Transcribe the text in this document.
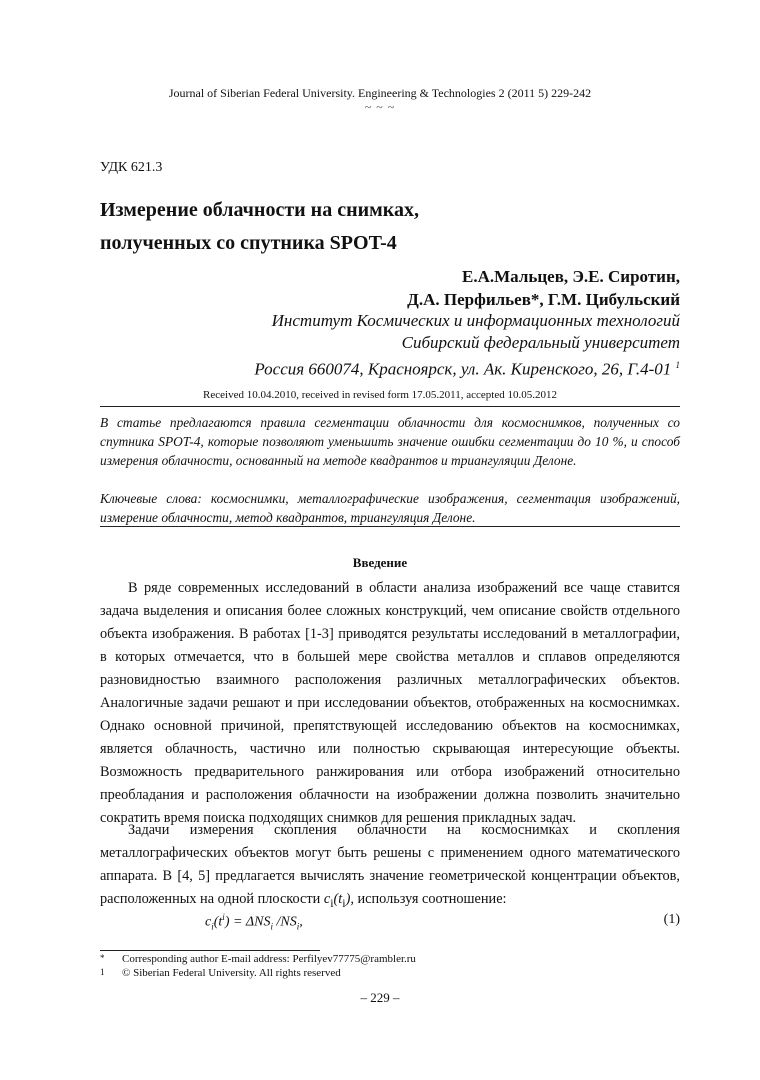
Journal of Siberian Federal University. Engineering & Technologies 2 (2011 5) 229-242
~ ~ ~
УДК 621.3
Измерение облачности на снимках,
полученных со спутника SPOT-4
Е.А.Мальцев, Э.Е. Сиротин,
Д.А. Перфильев*, Г.М. Цибульский
Институт Космических и информационных технологий
Сибирский федеральный университет
Россия 660074, Красноярск, ул. Ак. Киренского, 26, Г.4-01 $^1$
Received 10.04.2010, received in revised form 17.05.2011, accepted 10.05.2012
В статье предлагаются правила сегментации облачности для космоснимков, полученных со спутника SPOT-4, которые позволяют уменьшить значение ошибки сегментации до 10 %, и способ измерения облачности, основанный на методе квадрантов и триангуляции Делоне.
Ключевые слова: космоснимки, металлографические изображения, сегментация изображений, измерение облачности, метод квадрантов, триангуляция Делоне.
Введение
В ряде современных исследований в области анализа изображений все чаще ставится задача выделения и описания более сложных конструкций, чем описание свойств отдельного объекта изображения. В работах [1-3] приводятся результаты исследований в металлографии, в которых отмечается, что в большей мере свойства металлов и сплавов определяются разновидностью взаимного расположения различных металлографических объектов. Аналогичные задачи решают и при исследовании объектов, отображенных на космоснимках. Однако основной причиной, препятствующей исследованию объектов на космоснимках, является облачность, частично или полностью скрывающая интересующие объекты. Возможность предварительного ранжирования или отбора изображений относительно преобладания и расположения облачности на изображении должна позволить значительно сократить время поиска подходящих снимков для решения прикладных задач.
Задачи измерения скопления облачности на космоснимках и скопления металлографических объектов могут быть решены с применением одного математического аппарата. В [4, 5] предлагается вычислять значение геометрической концентрации объектов, расположенных на одной плоскости $c_i(t_i)$, используя соотношение:
$c_i(t^i) = \Delta NS_i$ $/NS_i$,	(1)
* Corresponding author E-mail address: Perfilyev77775@rambler.ru
1 © Siberian Federal University. All rights reserved
– 229 –
